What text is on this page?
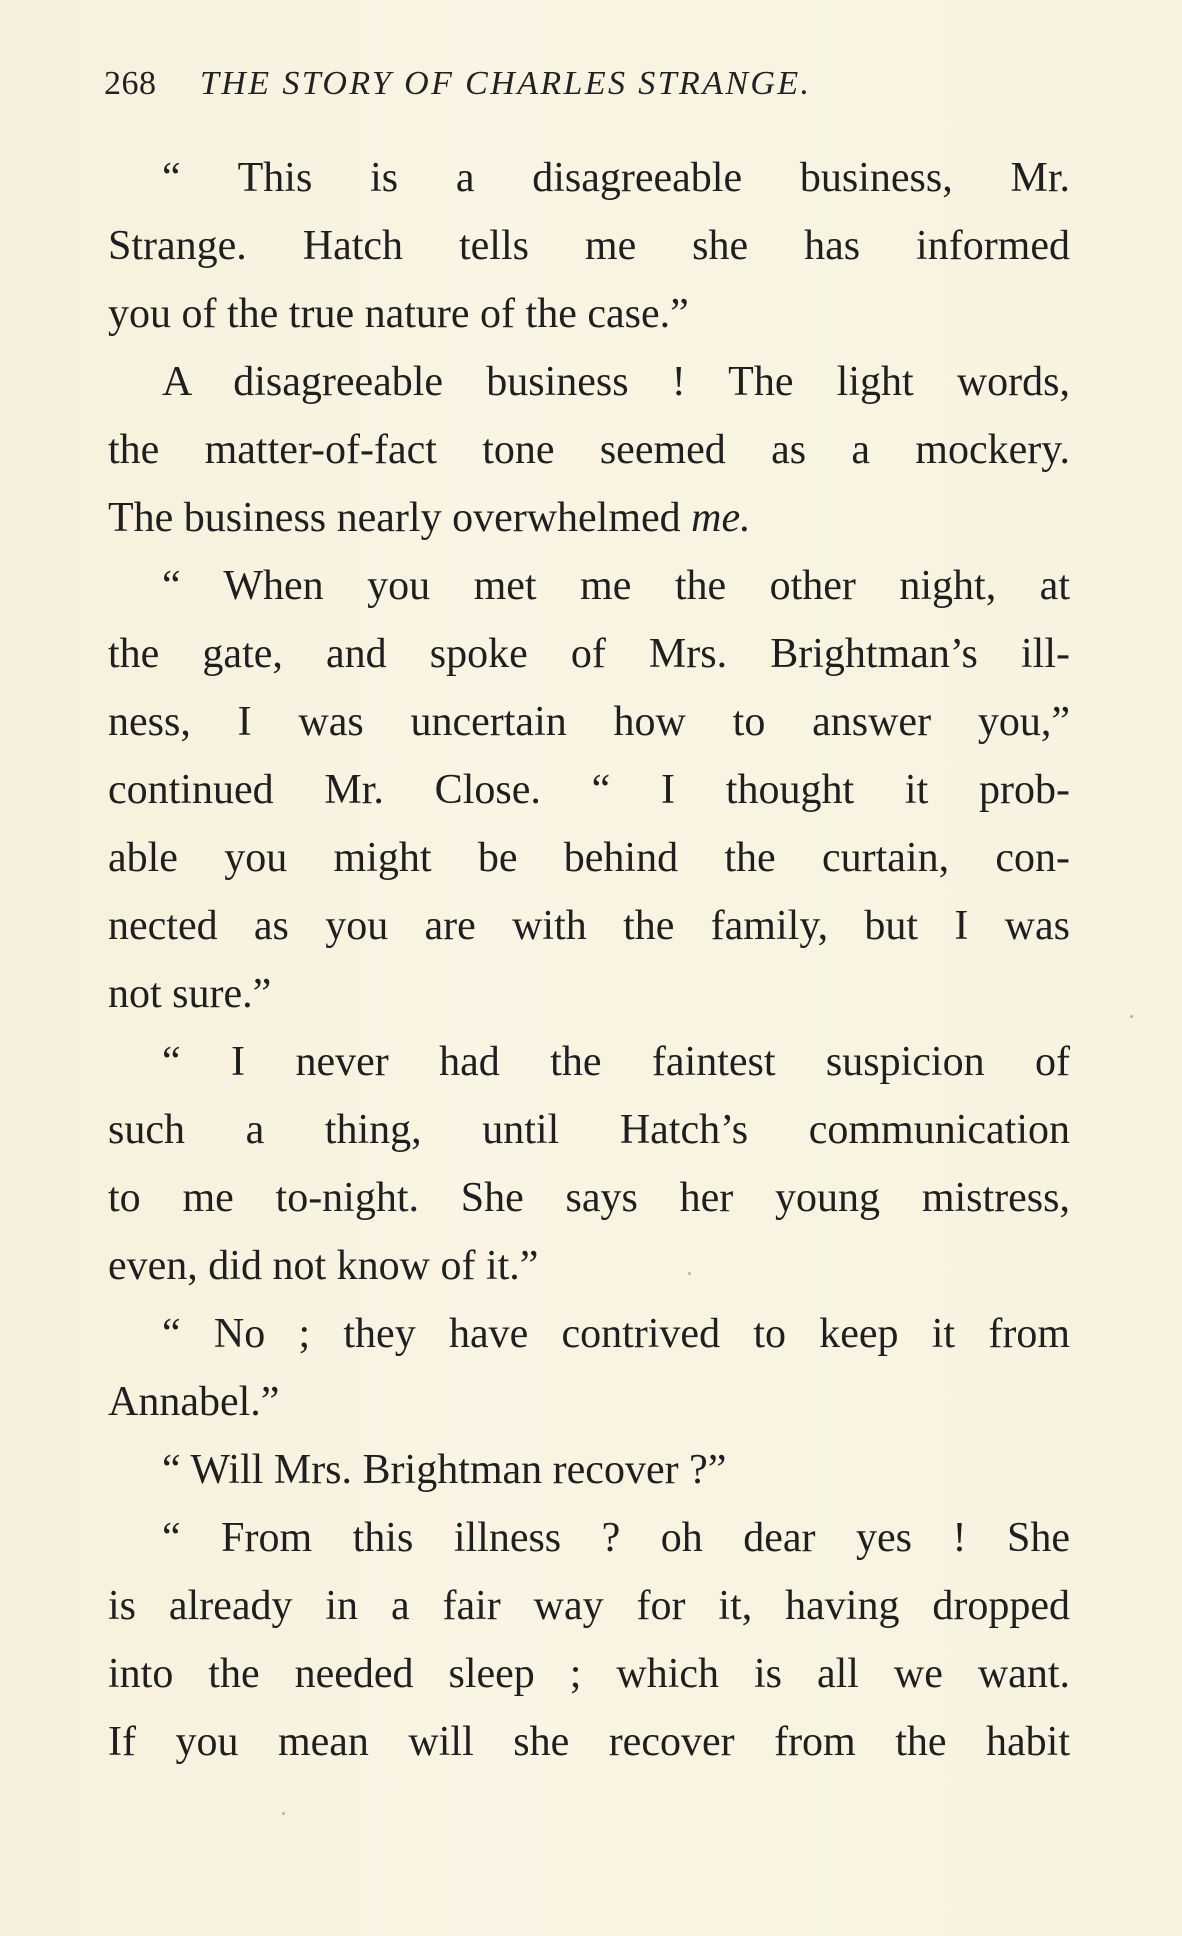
268 THE STORY OF CHARLES STRANGE.
“ This is a disagreeable business, Mr.
Strange. Hatch tells me she has informed
you of the true nature of the case.”
A disagreeable business ! The light words,
the matter-of-fact tone seemed as a mockery.
The business nearly overwhelmed me.
“ When you met me the other night, at
the gate, and spoke of Mrs. Brightman’s ill-
ness, I was uncertain how to answer you,”
continued Mr. Close. “ I thought it prob-
able you might be behind the curtain, con-
nected as you are with the family, but I was
not sure.”
“ I never had the faintest suspicion of
such a thing, until Hatch’s communication
to me to-night. She says her young mistress,
even, did not know of it.”
“ No ; they have contrived to keep it from
Annabel.”
“ Will Mrs. Brightman recover ?”
“ From this illness ? oh dear yes ! She
is already in a fair way for it, having dropped
into the needed sleep ; which is all we want.
If you mean will she recover from the habit
